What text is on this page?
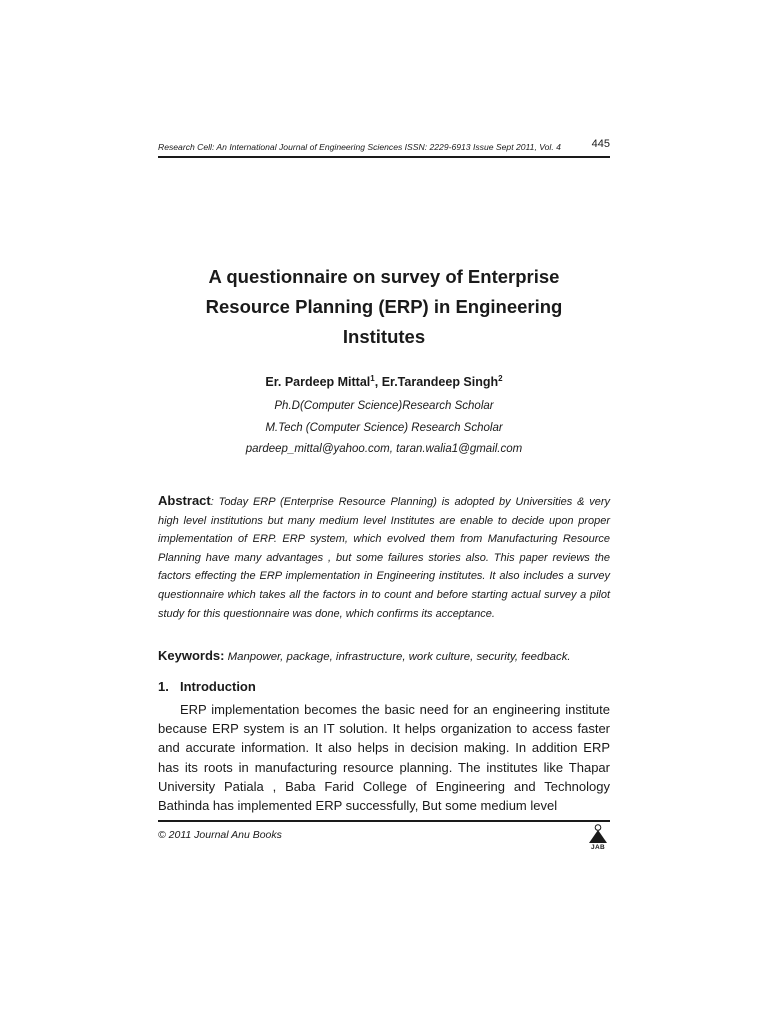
Research Cell: An International Journal of Engineering Sciences ISSN: 2229-6913 Issue Sept 2011, Vol. 4	445
A questionnaire on survey of Enterprise
Resource Planning (ERP) in Engineering
Institutes
Er. Pardeep Mittal$^1$, Er.Tarandeep Singh$^2$
Ph.D(Computer Science)Research Scholar
M.Tech (Computer Science) Research Scholar
pardeep_mittal@yahoo.com, taran.walia1@gmail.com
Abstract: Today ERP (Enterprise Resource Planning) is adopted by Universities & very high level institutions but many medium level Institutes are enable to decide upon proper implementation of ERP. ERP system, which evolved them from Manufacturing Resource Planning have many advantages , but some failures stories also. This paper reviews the factors effecting the ERP implementation in Engineering institutes. It also includes a survey questionnaire which takes all the factors in to count and before starting actual survey a pilot study for this questionnaire was done, which confirms its acceptance.
Keywords: Manpower, package, infrastructure, work culture, security, feedback.
1. Introduction
ERP implementation becomes the basic need for an engineering institute because ERP system is an IT solution. It helps organization to access faster and accurate information. It also helps in decision making. In addition ERP has its roots in manufacturing resource planning. The institutes like Thapar University Patiala , Baba Farid College of Engineering and Technology Bathinda has implemented ERP successfully, But some medium level
© 2011 Journal Anu Books
JAB
